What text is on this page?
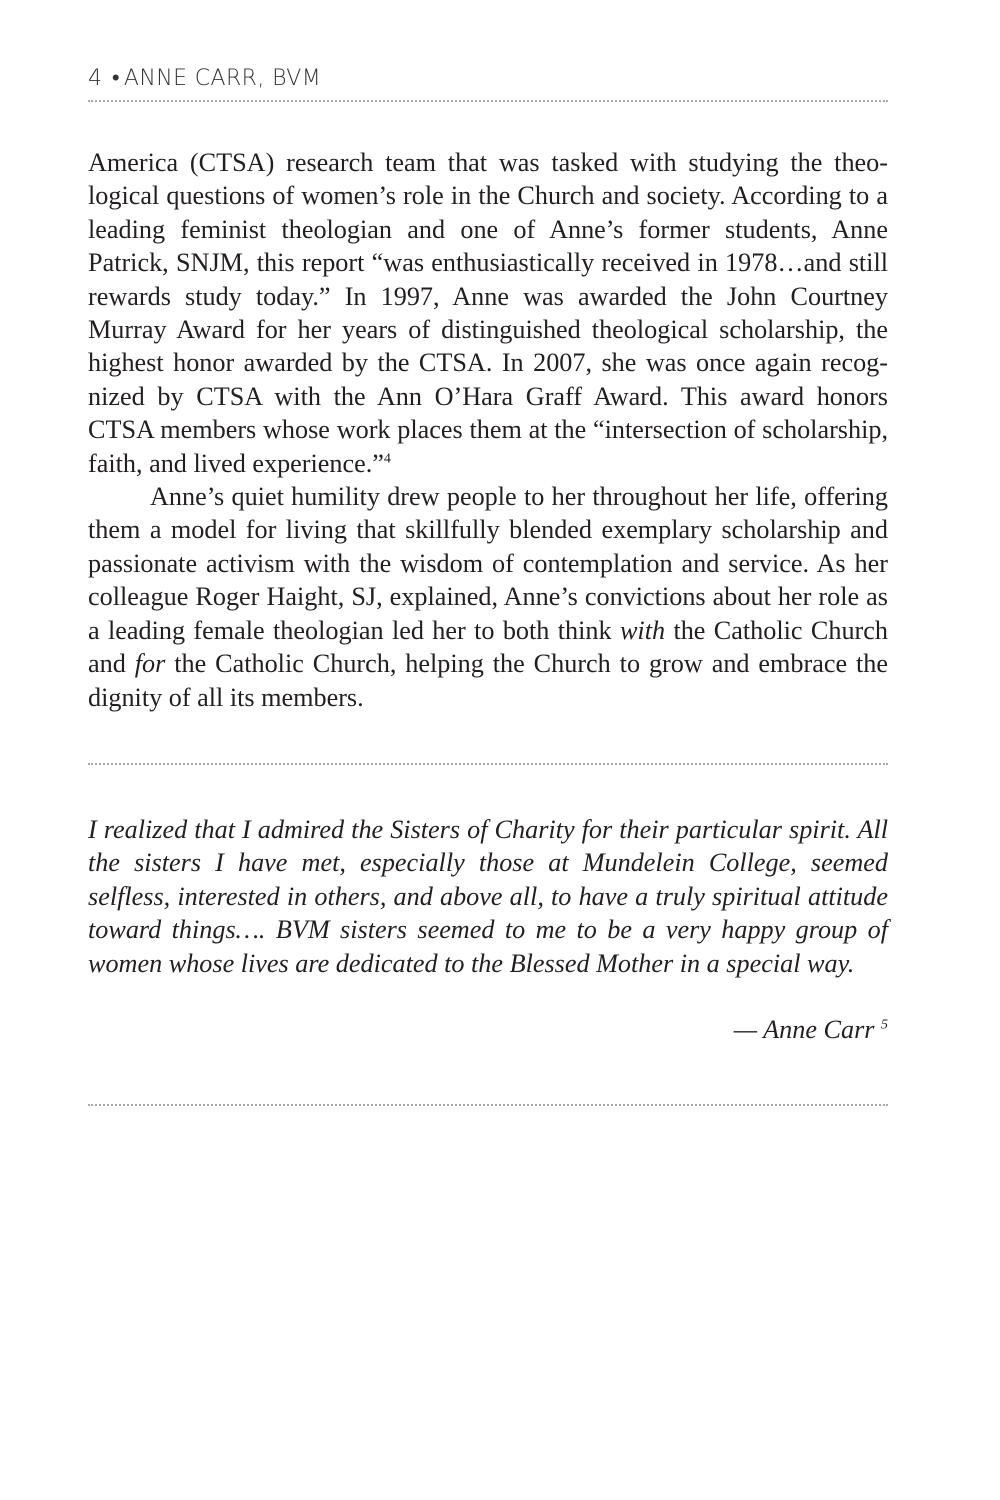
4 • ANNE CARR, BVM

America (CTSA) research team that was tasked with studying the theological questions of women’s role in the Church and society. According to a leading feminist theologian and one of Anne’s former students, Anne Patrick, SNJM, this report “was enthusiastically received in 1978…and still rewards study today.” In 1997, Anne was awarded the John Courtney Murray Award for her years of distinguished theological scholarship, the highest honor awarded by the CTSA. In 2007, she was once again recognized by CTSA with the Ann O’Hara Graff Award. This award honors CTSA members whose work places them at the “intersection of scholarship, faith, and lived experience.”$^4$

Anne’s quiet humility drew people to her throughout her life, offering them a model for living that skillfully blended exemplary scholarship and passionate activism with the wisdom of contemplation and service. As her colleague Roger Haight, SJ, explained, Anne’s convictions about her role as a leading female theologian led her to both think with the Catholic Church and for the Catholic Church, helping the Church to grow and embrace the dignity of all its members.

I realized that I admired the Sisters of Charity for their particular spirit. All the sisters I have met, especially those at Mundelein College, seemed selfless, interested in others, and above all, to have a truly spiritual attitude toward things…. BVM sisters seemed to me to be a very happy group of women whose lives are dedicated to the Blessed Mother in a special way.

— Anne Carr $^5$
